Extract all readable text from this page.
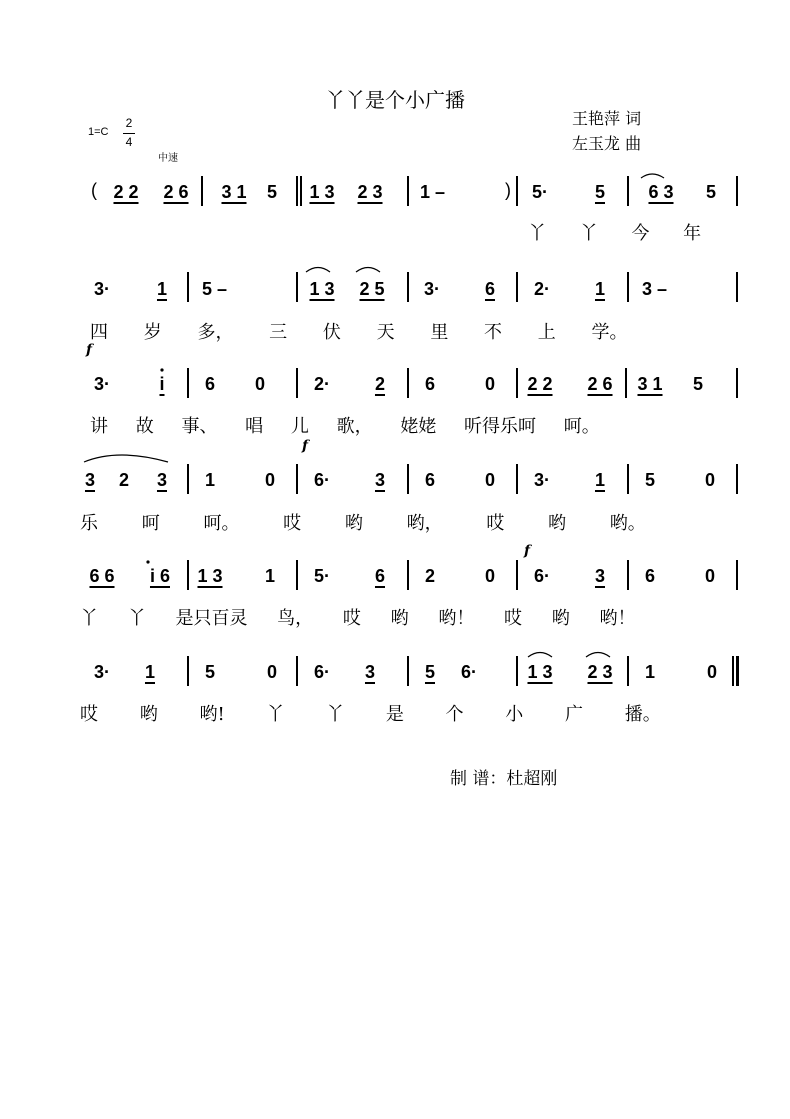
丫丫是个小广播
王艳萍 词
左玉龙 曲
1=C
2
4
中速
( 2 2	2 6	3 1	5	1 3	2 3	1 –	) 5·	5	6 3	5
丫 丫 今 年
3·	1 5 –	1 3	2 5	3· 6 2· 1 3 –
四 岁 多， 三 伏 天 里 不 上 学。
f
3·	i	6 0	2· 2 6	0	2 2	2 6	3 1	5
讲 故 事、 唱 儿 歌， 姥姥 听得乐呵 呵。
f
3 2 3 1	0 6· 3 6	0 3· 1 5	0
乐 呵 呵。 哎 哟 哟， 哎 哟 哟。
f
6 6	i 6	1 3	1 5· 6 2	0 6· 3 6	0
丫 丫 是只百灵 鸟， 哎 哟 哟！ 哎 哟 哟！
3· 1	5	0 6· 3	5 6·	1 3	2 3	1	0
哎 哟 哟! 丫 丫 是 个 小 广 播。
制 谱：杜超刚
